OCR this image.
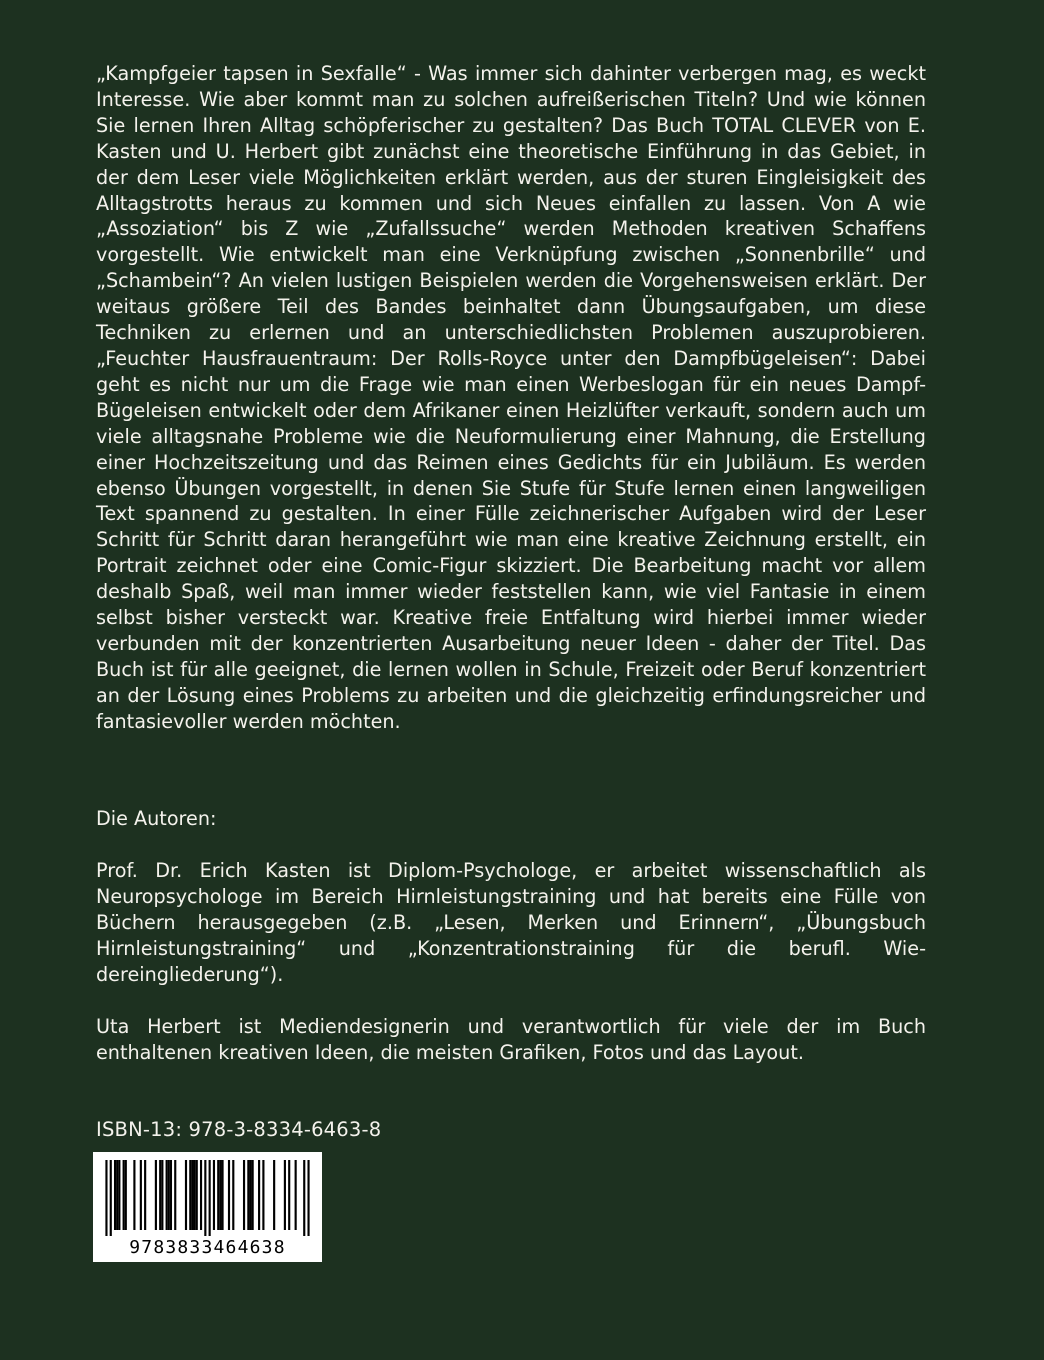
„Kampfgeier tapsen in Sexfalle“ - Was immer sich dahinter verbergen mag, es weckt Interesse. Wie aber kommt man zu solchen aufreißerischen Titeln? Und wie können Sie lernen Ihren Alltag schöpferischer zu gestalten? Das Buch TOTAL CLEVER von E. Kasten und U. Herbert gibt zunächst eine theoretische Einführung in das Gebiet, in der dem Leser viele Möglichkeiten erklärt werden, aus der sturen Eingleisigkeit des Alltagstrotts heraus zu kommen und sich Neues einfallen zu lassen. Von A wie „Assoziation“ bis Z wie „Zufallssuche“ werden Methoden kreativen Schaffens vorgestellt. Wie entwickelt man eine Verknüpfung zwischen „Sonnenbrille“ und „Schambein“? An vielen lustigen Beispielen werden die Vorgehensweisen erklärt. Der weitaus größere Teil des Bandes beinhaltet dann Übungsaufgaben, um diese Techniken zu erlernen und an unterschiedlichsten Problemen auszuprobieren. „Feuchter Hausfrauentraum: Der Rolls-Royce unter den Dampfbügeleisen“: Dabei geht es nicht nur um die Frage wie man einen Werbeslogan für ein neues Dampf-Bügeleisen entwickelt oder dem Afrikaner einen Heizlüfter verkauft, sondern auch um viele alltagsnahe Probleme wie die Neuformulierung einer Mahnung, die Erstellung einer Hochzeitszeitung und das Reimen eines Gedichts für ein Jubiläum. Es werden ebenso Übungen vorgestellt, in denen Sie Stufe für Stufe lernen einen langweiligen Text spannend zu gestalten. In einer Fülle zeichnerischer Aufgaben wird der Leser Schritt für Schritt daran herangeführt wie man eine kreative Zeichnung erstellt, ein Portrait zeichnet oder eine Comic-Figur skizziert. Die Bearbeitung macht vor allem deshalb Spaß, weil man immer wieder feststellen kann, wie viel Fantasie in einem selbst bisher versteckt war. Kreative freie Entfaltung wird hierbei immer wieder verbunden mit der konzentrierten Ausarbeitung neuer Ideen - daher der Titel. Das Buch ist für alle geeignet, die lernen wollen in Schule, Freizeit oder Beruf konzentriert an der Lösung eines Problems zu arbeiten und die gleichzeitig erfindungsreicher und fantasievoller werden möchten.

Die Autoren:

Prof. Dr. Erich Kasten ist Diplom-Psychologe, er arbeitet wissenschaftlich als Neuropsychologe im Bereich Hirnleistungstraining und hat bereits eine Fülle von Büchern herausgegeben (z.B. „Lesen, Merken und Erinnern“, „Übungsbuch Hirnleistungstraining“ und „Konzentrationstraining für die berufl. Wiedereingliederung“).

Uta Herbert ist Mediendesignerin und verantwortlich für viele der im Buch enthaltenen kreativen Ideen, die meisten Grafiken, Fotos und das Layout.

ISBN-13: 978-3-8334-6463-8

9783833464638
